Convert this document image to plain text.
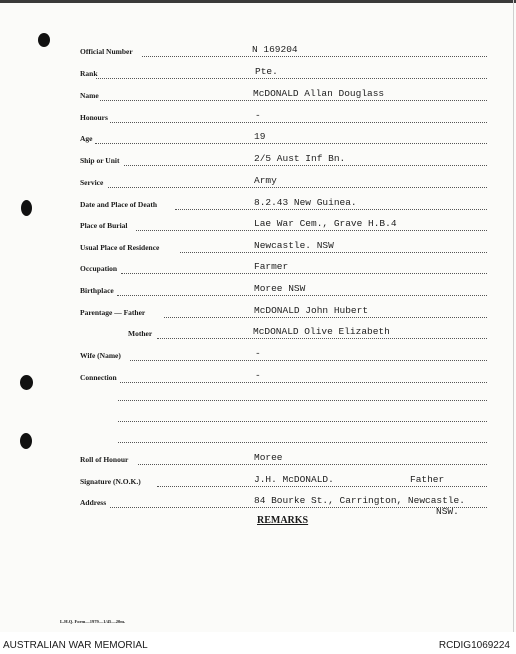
Official Number	N 169204
Rank	Pte.
Name	McDONALD Allan Douglass
Honours	-
Age	19
Ship or Unit	2/5 Aust Inf Bn.
Service	Army
Date and Place of Death	8.2.43 New Guinea.
Place of Burial	Lae War Cem., Grave H.B.4
Usual Place of Residence	Newcastle. NSW
Occupation	Farmer
Birthplace	Moree NSW
Parentage — Father	McDONALD John Hubert
Mother	McDONALD Olive Elizabeth
Wife (Name)	-
Connection	-
Roll of Honour	Moree
Signature (N.O.K.)	J.H. McDONALD.	Father
Address	84 Bourke St., Carrington, Newcastle.
NSW.
REMARKS
L.H.Q. Form—1979—1/45—20m.
AUSTRALIAN WAR MEMORIAL	RCDIG1069224
